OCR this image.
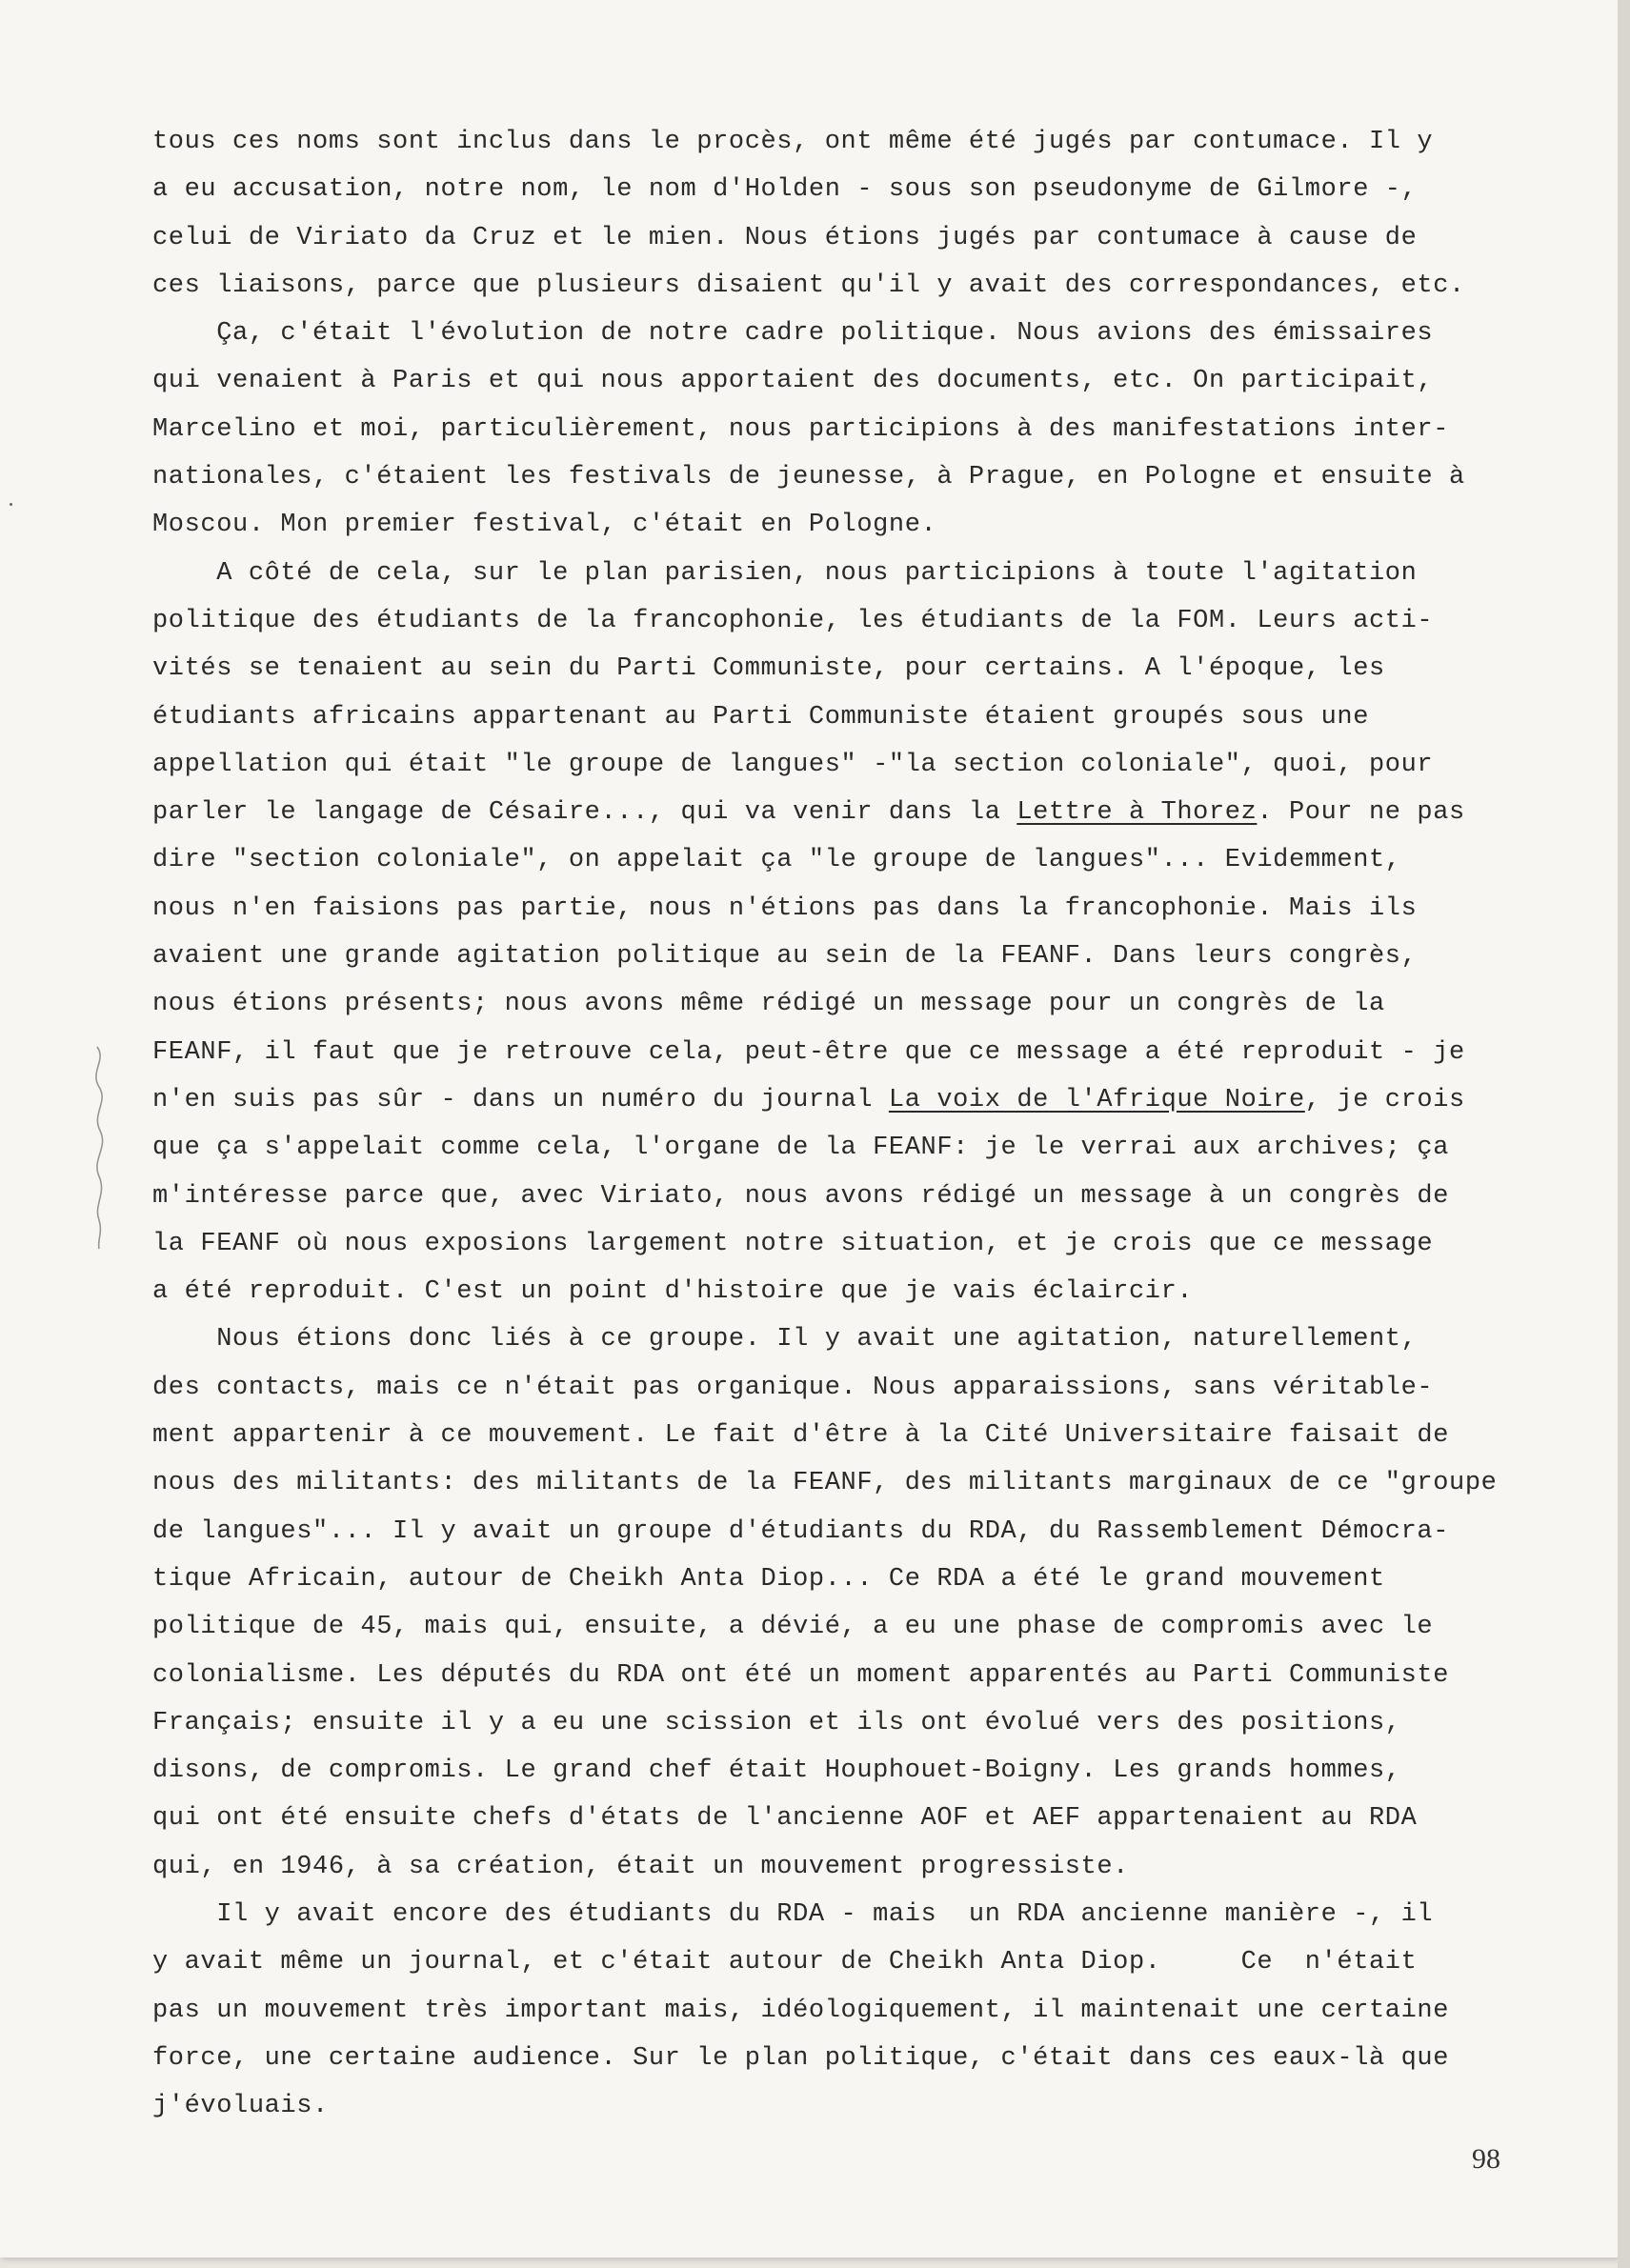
tous ces noms sont inclus dans le procès, ont même été jugés par contumace. Il y
a eu accusation, notre nom, le nom d'Holden - sous son pseudonyme de Gilmore -,
celui de Viriato da Cruz et le mien. Nous étions jugés par contumace à cause de
ces liaisons, parce que plusieurs disaient qu'il y avait des correspondances, etc.
Ça, c'était l'évolution de notre cadre politique. Nous avions des émissaires
qui venaient à Paris et qui nous apportaient des documents, etc. On participait,
Marcelino et moi, particulièrement, nous participions à des manifestations inter-
nationales, c'étaient les festivals de jeunesse, à Prague, en Pologne et ensuite à
Moscou. Mon premier festival, c'était en Pologne.
A côté de cela, sur le plan parisien, nous participions à toute l'agitation
politique des étudiants de la francophonie, les étudiants de la FOM. Leurs acti-
vités se tenaient au sein du Parti Communiste, pour certains. A l'époque, les
étudiants africains appartenant au Parti Communiste étaient groupés sous une
appellation qui était "le groupe de langues" -"la section coloniale", quoi, pour
parler le langage de Césaire..., qui va venir dans la Lettre à Thorez. Pour ne pas
dire "section coloniale", on appelait ça "le groupe de langues"... Evidemment,
nous n'en faisions pas partie, nous n'étions pas dans la francophonie. Mais ils
avaient une grande agitation politique au sein de la FEANF. Dans leurs congrès,
nous étions présents; nous avons même rédigé un message pour un congrès de la
FEANF, il faut que je retrouve cela, peut-être que ce message a été reproduit - je
n'en suis pas sûr - dans un numéro du journal La voix de l'Afrique Noire, je crois
que ça s'appelait comme cela, l'organe de la FEANF: je le verrai aux archives; ça
m'intéresse parce que, avec Viriato, nous avons rédigé un message à un congrès de
la FEANF où nous exposions largement notre situation, et je crois que ce message
a été reproduit. C'est un point d'histoire que je vais éclaircir.
Nous étions donc liés à ce groupe. Il y avait une agitation, naturellement,
des contacts, mais ce n'était pas organique. Nous apparaissions, sans véritable-
ment appartenir à ce mouvement. Le fait d'être à la Cité Universitaire faisait de
nous des militants: des militants de la FEANF, des militants marginaux de ce "groupe
de langues"... Il y avait un groupe d'étudiants du RDA, du Rassemblement Démocra-
tique Africain, autour de Cheikh Anta Diop... Ce RDA a été le grand mouvement
politique de 45, mais qui, ensuite, a dévié, a eu une phase de compromis avec le
colonialisme. Les députés du RDA ont été un moment apparentés au Parti Communiste
Français; ensuite il y a eu une scission et ils ont évolué vers des positions,
disons, de compromis. Le grand chef était Houphouet-Boigny. Les grands hommes,
qui ont été ensuite chefs d'états de l'ancienne AOF et AEF appartenaient au RDA
qui, en 1946, à sa création, était un mouvement progressiste.
Il y avait encore des étudiants du RDA - mais  un RDA ancienne manière -, il
y avait même un journal, et c'était autour de Cheikh Anta Diop.     Ce  n'était
pas un mouvement très important mais, idéologiquement, il maintenait une certaine
force, une certaine audience. Sur le plan politique, c'était dans ces eaux-là que
j'évoluais.
98
